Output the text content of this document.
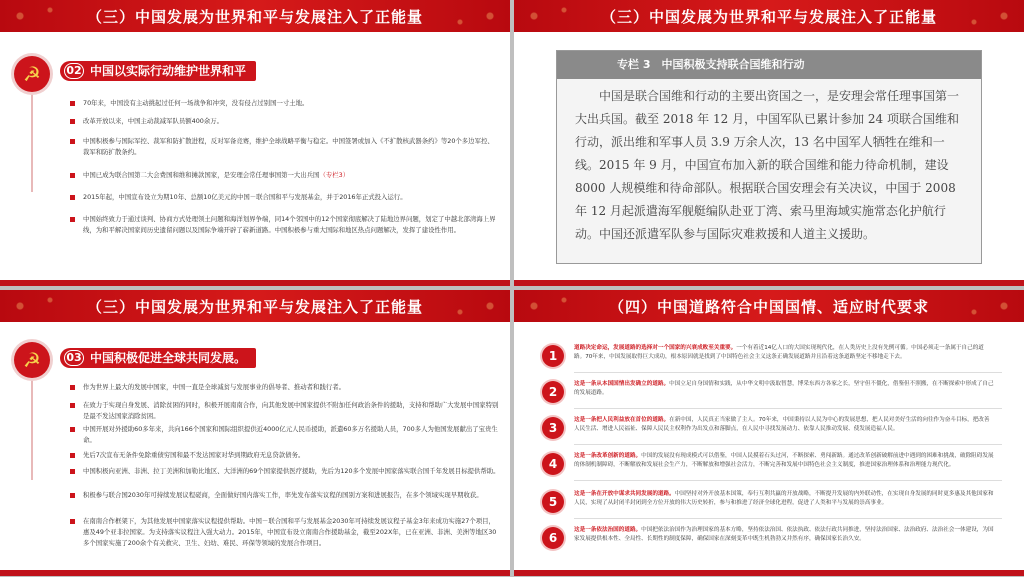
（三）中国发展为世界和平与发展注入了正能量
☭	02 中国以实际行动维护世界和平
70年来，中国没有主动挑起过任何一场战争和冲突，没有侵占过别国一寸土地。
改革开放以来，中国主动裁减军队员额400余万。
中国积极参与国际军控、裁军和防扩散进程，反对军备竞赛，维护全球战略平衡与稳定。中国签署或加入《不扩散核武器条约》等20个多边军控、裁军和防扩散条约。
中国已成为联合国第二大会费国和维和摊款国家，是安理会常任理事国第一大出兵国（专栏3）
2015年起，中国宣布设立为期10年、总额10亿美元的中国－联合国和平与发展基金，并于2016年正式投入运行。
中国始终致力于通过谈判、协商方式处理领土问题和海洋划界争端，同14个邻国中的12个国家彻底解决了陆地边界问题，划定了中越北部湾海上界线，为和平解决国家间历史遗留问题以及国际争端开辟了崭新道路。中国积极参与重大国际和地区热点问题解决，发挥了建设性作用。
（三）中国发展为世界和平与发展注入了正能量
专栏 3　中国积极支持联合国维和行动
中国是联合国维和行动的主要出资国之一，是安理会常任理事国第一大出兵国。截至 2018 年 12 月，中国军队已累计参加 24 项联合国维和行动，派出维和军事人员 3.9 万余人次，13 名中国军人牺牲在维和一线。2015 年 9 月，中国宣布加入新的联合国维和能力待命机制，建设 8000 人规模维和待命部队。根据联合国安理会有关决议，中国于 2008 年 12 月起派遣海军舰艇编队赴亚丁湾、索马里海域实施常态化护航行动。中国还派遣军队参与国际灾难救援和人道主义援助。
（三）中国发展为世界和平与发展注入了正能量
☭	03 中国积极促进全球共同发展。
作为世界上最大的发展中国家，中国一直是全球减贫与发展事业的倡导者、推动者和践行者。
在致力于实现自身发展、消除贫困的同时，积极开展南南合作，向其他发展中国家提供不附加任何政治条件的援助，支持和帮助广大发展中国家特别是最不发达国家消除贫困。
中国开展对外援助60多年来，共向166个国家和国际组织提供近4000亿元人民币援助，派遣60多万名援助人员，700多人为他国发展献出了宝贵生命。
先后7次宣布无条件免除重债穷国和最不发达国家对华到期政府无息贷款债务。
中国积极向亚洲、非洲、拉丁美洲和加勒比地区、大洋洲的69个国家提供医疗援助，先后为120多个发展中国家落实联合国千年发展目标提供帮助。
积极参与联合国2030年可持续发展议程磋商，全面做好国内落实工作，率先发布落实议程的国别方案和进展报告，在多个领域实现早期收获。
在南南合作框架下，为其他发展中国家落实议程提供帮助。中国－联合国和平与发展基金2030年可持续发展议程子基金3年来成功实施27个项目，惠及49个亚非拉国家。为支持落实议程注入强大动力。2015年，中国宣布设立南南合作援助基金，截至202X年，已在亚洲、非洲、美洲等地区30多个国家实施了200余个有关救灾、卫生、妇幼、难民、环保等领域的发展合作项目。
（四）中国道路符合中国国情、适应时代要求
1
道路决定命运，发展道路的选择对一个国家的兴衰成败至关重要。一个有着近14亿人口的大国实现现代化，在人类历史上没有先例可循。中国必须走一条属于自己的道路。70年来，中国发展取得巨大成功，根本原因就是找到了中国特色社会主义这条正确发展道路并且沿着这条道路坚定不移地走下去。
2
这是一条从本国国情出发确立的道路。中国立足自身国情和实践，从中华文明中汲取智慧，博采东西方各家之长，坚守但不僵化，借鉴但不照搬，在不断探索中形成了自己的发展道路。
3
这是一条把人民利益放在首位的道路。在新中国，人民真正当家做了主人。70年来，中国秉持以人民为中心的发展思想，把人民对美好生活的向往作为奋斗目标，把改善人民生活、增进人民福祉、保障人民民主权利作为出发点和落脚点，在人民中寻找发展动力、依靠人民推动发展、使发展造福人民。
4
这是一条改革创新的道路。中国的发展没有现成模式可以借鉴，中国人民摸着石头过河，不断探索、勇闯新路。通过改革创新破解前进中遇到的困难和挑战，破除阻碍发展的体制机制障碍，不断解放和发展社会生产力，不断解放和增强社会活力，不断完善和发展中国特色社会主义制度，推进国家治理体系和治理能力现代化。
5
这是一条在开放中谋求共同发展的道路。中国坚持对外开放基本国策，奉行互利共赢的开放战略，不断提升发展的内外联动性，在实现自身发展的同时更多惠及其他国家和人民，实现了从封闭半封闭到全方位开放的伟大历史转折，参与和推进了经济全球化进程，促进了人类和平与发展的崇高事业。
6
这是一条依法治国的道路。中国把依法治国作为治理国家的基本方略，坚持依法治国、依法执政、依法行政共同推进，坚持法治国家、法治政府、法治社会一体建设，为国家发展提供根本性、全局性、长期性的制度保障，确保国家在深刻变革中既生机勃勃又井然有序，确保国家长治久安。
